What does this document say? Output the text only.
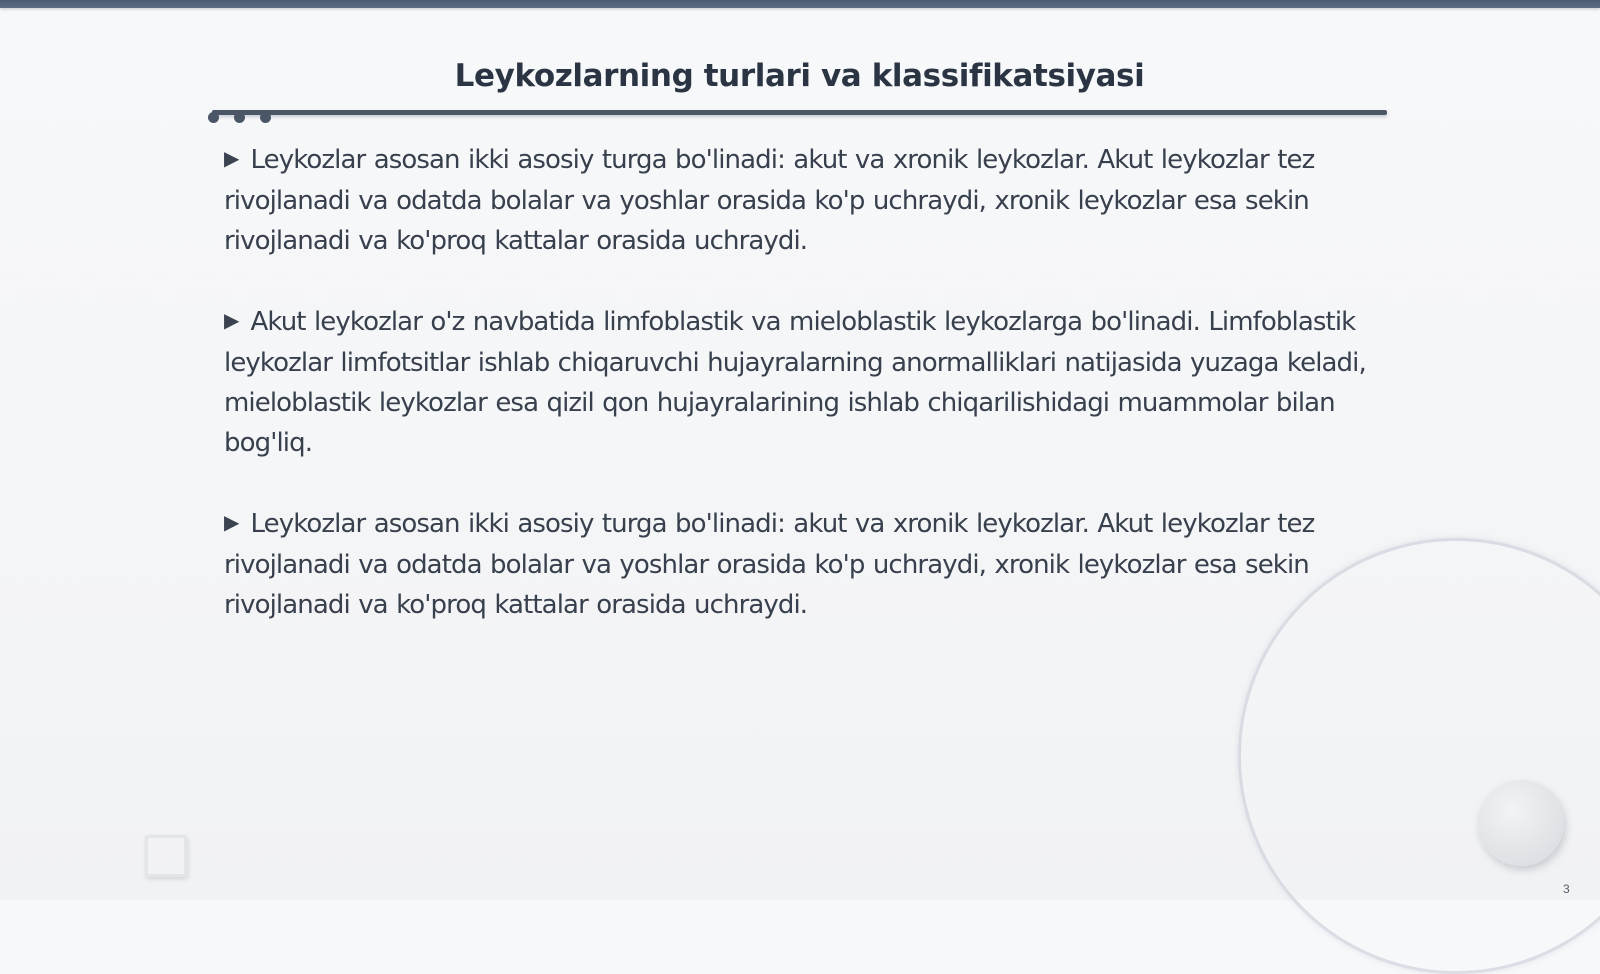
Leykozlarning turlari va klassifikatsiyasi

▶ Leykozlar asosan ikki asosiy turga bo'linadi: akut va xronik leykozlar. Akut leykozlar tez rivojlanadi va odatda bolalar va yoshlar orasida ko'p uchraydi, xronik leykozlar esa sekin rivojlanadi va ko'proq kattalar orasida uchraydi.

▶ Akut leykozlar o'z navbatida limfoblastik va mieloblastik leykozlarga bo'linadi. Limfoblastik leykozlar limfotsitlar ishlab chiqaruvchi hujayralarning anormalliklari natijasida yuzaga keladi, mieloblastik leykozlar esa qizil qon hujayralarining ishlab chiqarilishidagi muammolar bilan bog'liq.

▶ Leykozlar asosan ikki asosiy turga bo'linadi: akut va xronik leykozlar. Akut leykozlar tez rivojlanadi va odatda bolalar va yoshlar orasida ko'p uchraydi, xronik leykozlar esa sekin rivojlanadi va ko'proq kattalar orasida uchraydi.

3
